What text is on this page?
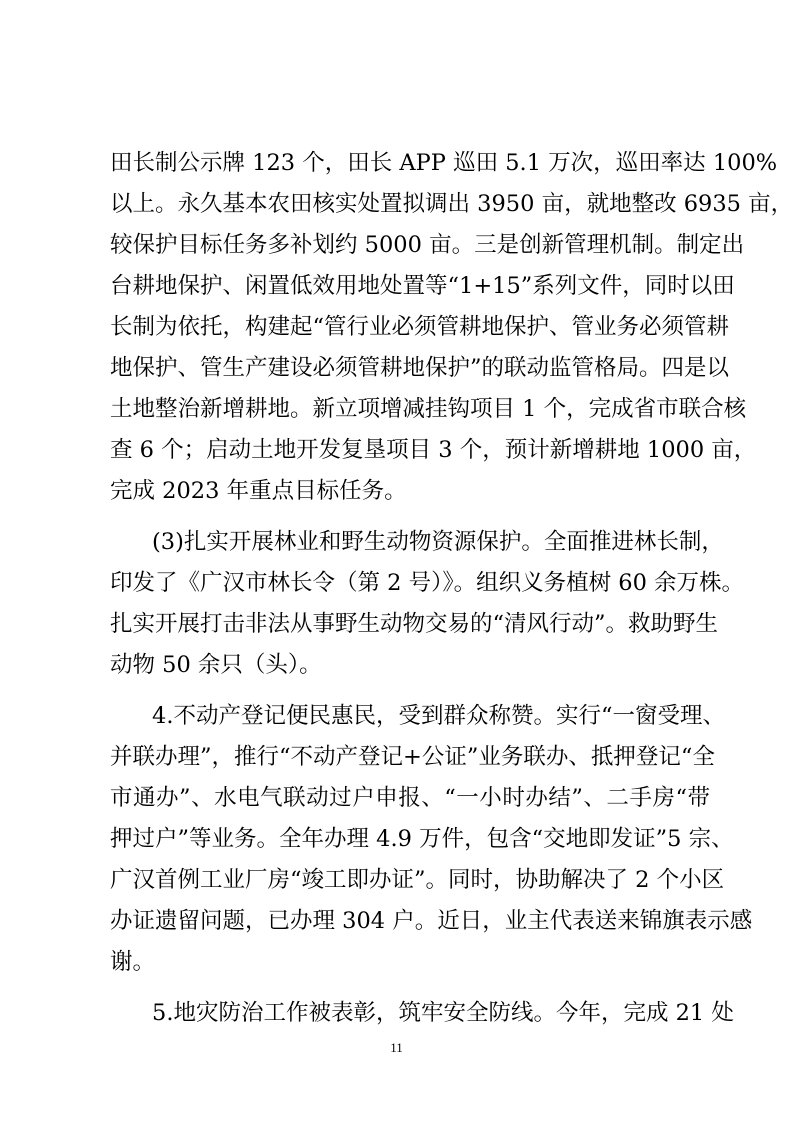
田长制公示牌 123 个，田长 APP 巡田 5.1 万次，巡田率达 100%
以上。永久基本农田核实处置拟调出 3950 亩，就地整改 6935 亩，
较保护目标任务多补划约 5000 亩。三是创新管理机制。制定出
台耕地保护、闲置低效用地处置等“1+15”系列文件，同时以田
长制为依托，构建起“管行业必须管耕地保护、管业务必须管耕
地保护、管生产建设必须管耕地保护”的联动监管格局。四是以
土地整治新增耕地。新立项增减挂钩项目 1 个，完成省市联合核
查 6 个；启动土地开发复垦项目 3 个，预计新增耕地 1000 亩，
完成 2023 年重点目标任务。
(3)扎实开展林业和野生动物资源保护。全面推进林长制，
印发了《广汉市林长令（第 2 号）》。组织义务植树 60 余万株。
扎实开展打击非法从事野生动物交易的“清风行动”。救助野生
动物 50 余只（头）。
4.不动产登记便民惠民，受到群众称赞。实行“一窗受理、
并联办理”，推行“不动产登记+公证”业务联办、抵押登记“全
市通办”、水电气联动过户申报、“一小时办结”、二手房“带
押过户”等业务。全年办理 4.9 万件，包含“交地即发证”5 宗、
广汉首例工业厂房“竣工即办证”。同时，协助解决了 2 个小区
办证遗留问题，已办理 304 户。近日，业主代表送来锦旗表示感
谢。
5.地灾防治工作被表彰，筑牢安全防线。今年，完成 21 处
11
